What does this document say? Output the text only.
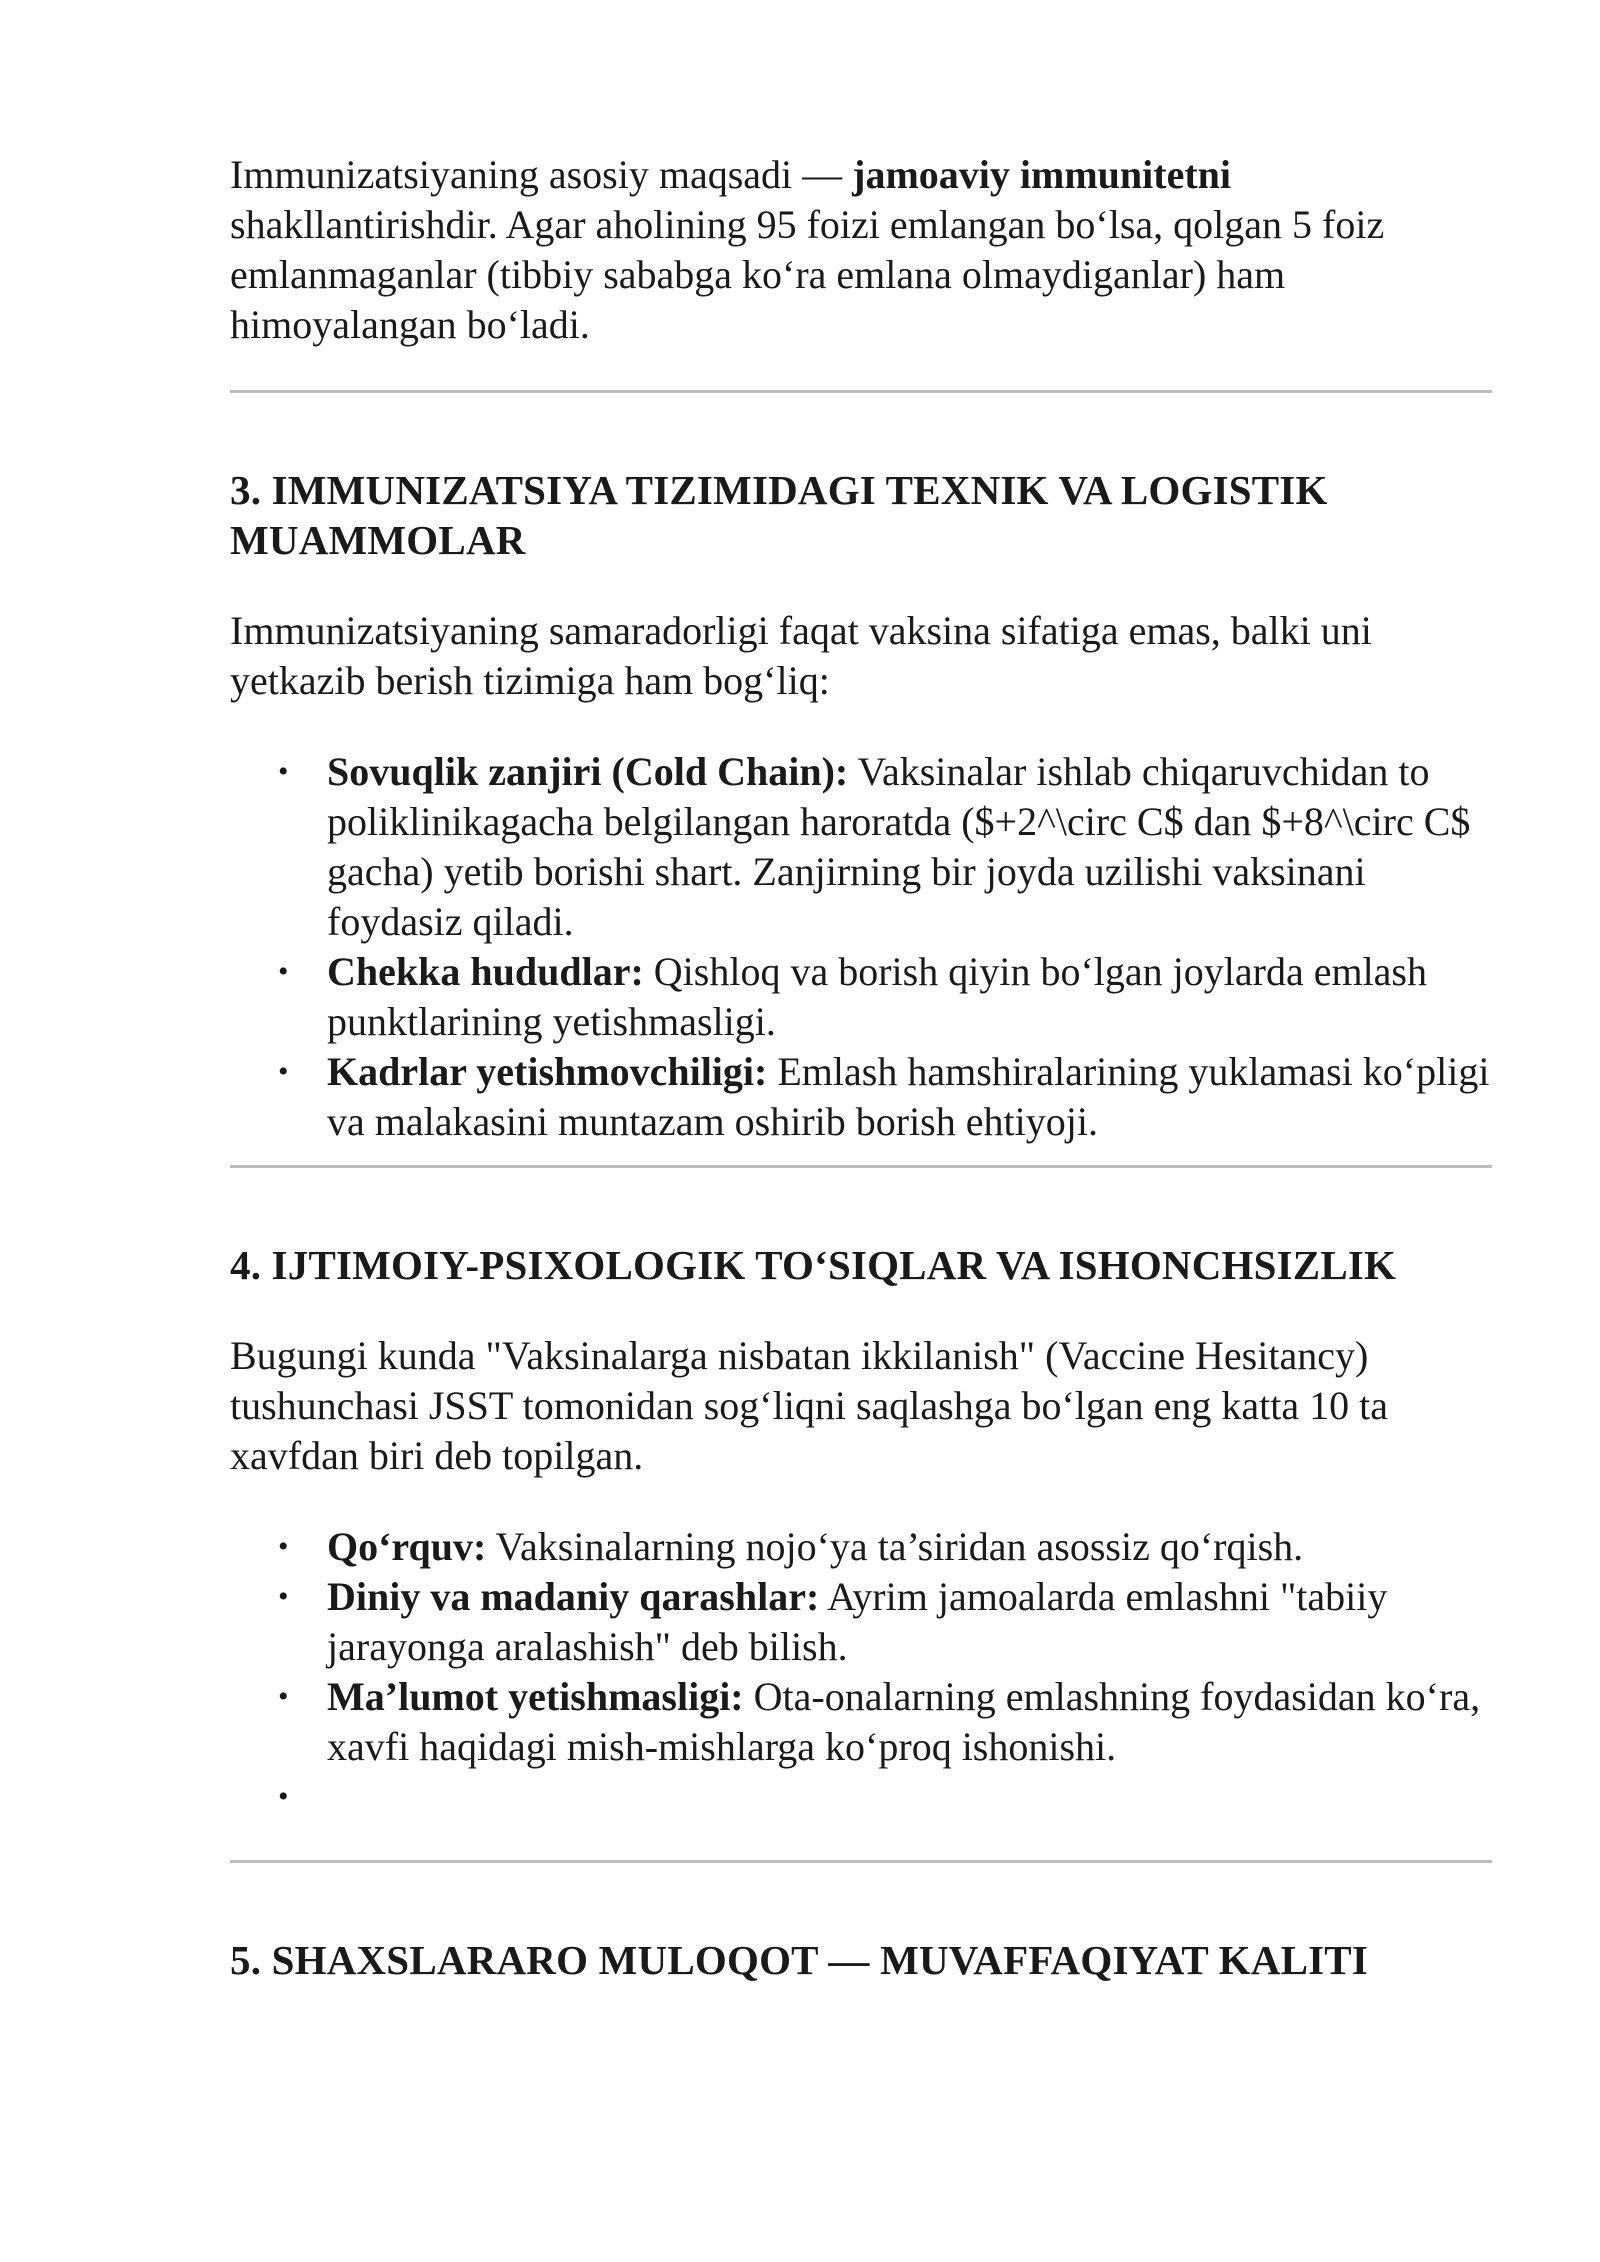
Immunizatsiyaning asosiy maqsadi — jamoaviy immunitetni shakllantirishdir. Agar aholining 95 foizi emlangan bo‘lsa, qolgan 5 foiz emlanmaganlar (tibbiy sababga ko‘ra emlana olmaydiganlar) ham himoyalangan bo‘ladi.

3. IMMUNIZATSIYA TIZIMIDAGI TEXNIK VA LOGISTIK MUAMMOLAR

Immunizatsiyaning samaradorligi faqat vaksina sifatiga emas, balki uni yetkazib berish tizimiga ham bog‘liq:

• Sovuqlik zanjiri (Cold Chain): Vaksinalar ishlab chiqaruvchidan to poliklinikagacha belgilangan haroratda ($+2^\circ C$ dan $+8^\circ C$ gacha) yetib borishi shart. Zanjirning bir joyda uzilishi vaksinani foydasiz qiladi.
• Chekka hududlar: Qishloq va borish qiyin bo‘lgan joylarda emlash punktlarining yetishmasligi.
• Kadrlar yetishmovchiligi: Emlash hamshiralarining yuklamasi ko‘pligi va malakasini muntazam oshirib borish ehtiyoji.
4. IJTIMOIY-PSIXOLOGIK TO‘SIQLAR VA ISHONCHSIZLIK

Bugungi kunda "Vaksinalarga nisbatan ikkilanish" (Vaccine Hesitancy) tushunchasi JSST tomonidan sog‘liqni saqlashga bo‘lgan eng katta 10 ta xavfdan biri deb topilgan.

• Qo‘rquv: Vaksinalarning nojo‘ya ta’siridan asossiz qo‘rqish.
• Diniy va madaniy qarashlar: Ayrim jamoalarda emlashni "tabiiy jarayonga aralashish" deb bilish.
• Ma’lumot yetishmasligi: Ota-onalarning emlashning foydasidan ko‘ra, xavfi haqidagi mish-mishlarga ko‘proq ishonishi.
•

5. SHAXSLARARO MULOQOT — MUVAFFAQIYAT KALITI
